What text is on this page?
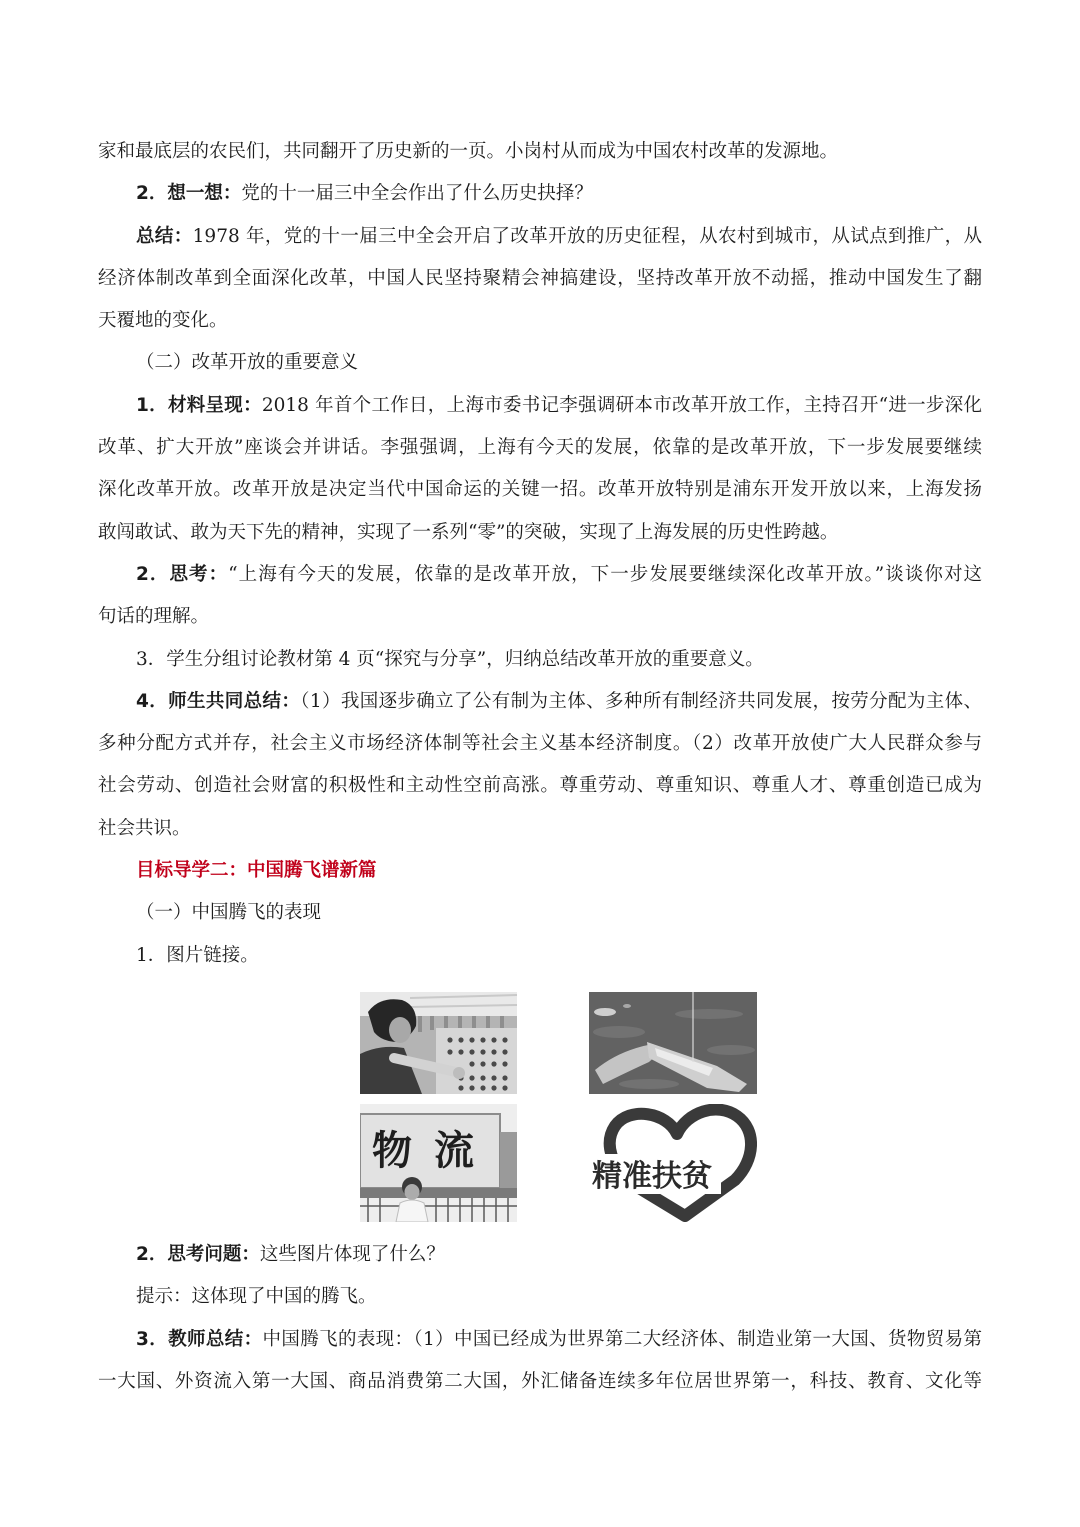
家和最底层的农民们，共同翻开了历史新的一页。小岗村从而成为中国农村改革的发源地。
2．想一想：党的十一届三中全会作出了什么历史抉择？
总结：1978 年，党的十一届三中全会开启了改革开放的历史征程，从农村到城市，从试点到推广，从
经济体制改革到全面深化改革，中国人民坚持聚精会神搞建设，坚持改革开放不动摇，推动中国发生了翻
天覆地的变化。
（二）改革开放的重要意义
1．材料呈现：2018 年首个工作日，上海市委书记李强调研本市改革开放工作，主持召开“进一步深化
改革、扩大开放”座谈会并讲话。李强强调，上海有今天的发展，依靠的是改革开放，下一步发展要继续
深化改革开放。改革开放是决定当代中国命运的关键一招。改革开放特别是浦东开发开放以来，上海发扬
敢闯敢试、敢为天下先的精神，实现了一系列“零”的突破，实现了上海发展的历史性跨越。
2．思考：“上海有今天的发展，依靠的是改革开放，下一步发展要继续深化改革开放。”谈谈你对这
句话的理解。
3．学生分组讨论教材第 4 页“探究与分享”，归纳总结改革开放的重要意义。
4．师生共同总结：（1）我国逐步确立了公有制为主体、多种所有制经济共同发展，按劳分配为主体、
多种分配方式并存，社会主义市场经济体制等社会主义基本经济制度。（2）改革开放使广大人民群众参与
社会劳动、创造社会财富的积极性和主动性空前高涨。尊重劳动、尊重知识、尊重人才、尊重创造已成为
社会共识。
目标导学二：中国腾飞谱新篇
（一）中国腾飞的表现
1．图片链接。
物 流
精准扶贫
2．思考问题：这些图片体现了什么？
提示：这体现了中国的腾飞。
3．教师总结：中国腾飞的表现：（1）中国已经成为世界第二大经济体、制造业第一大国、货物贸易第
一大国、外资流入第一大国、商品消费第二大国，外汇储备连续多年位居世界第一，科技、教育、文化等
